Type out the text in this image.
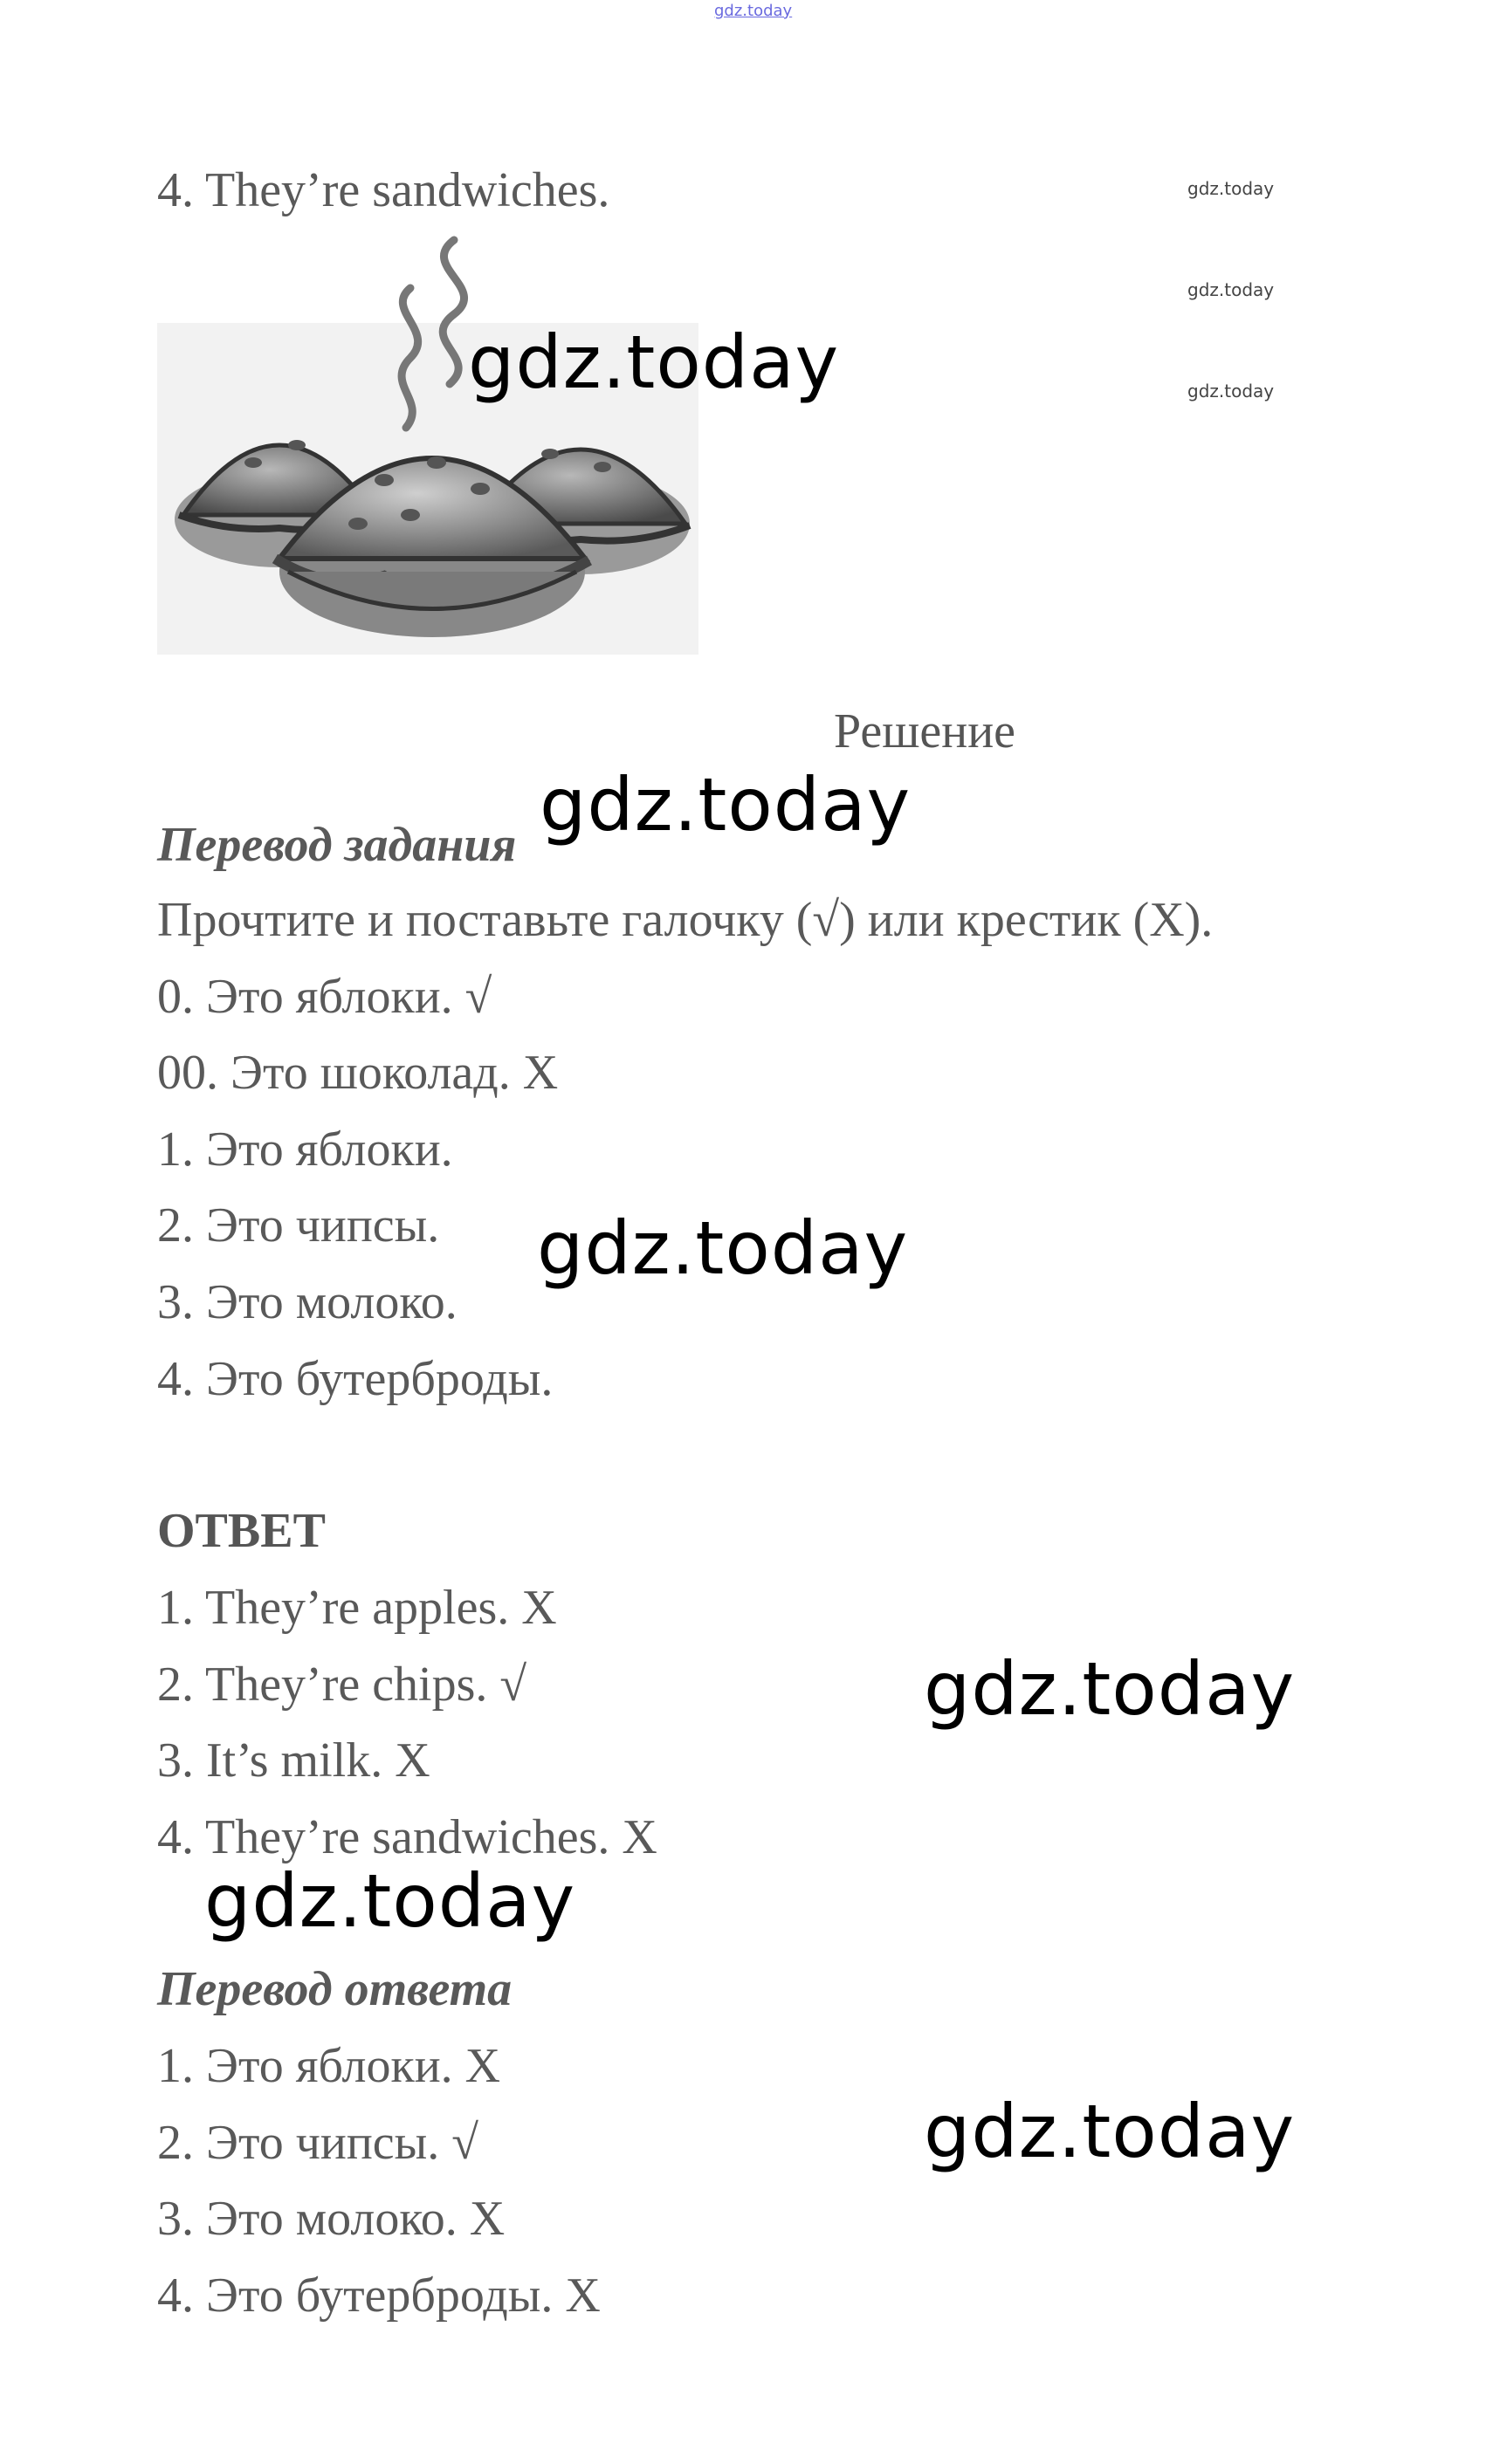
gdz.today
4. They’re sandwiches.	gdz.today
gdz.today
gdz.today
gdz.today
Решение
Перевод задания gdz.today
Прочтите и поставьте галочку (√) или крестик (X).
0. Это яблоки. √
00. Это шоколад. X
1. Это яблоки.
2. Это чипсы. gdz.today
3. Это молоко.
4. Это бутерброды.
ОТВЕТ
1. They’re apples. X
2. They’re chips. √	gdz.today
3. It’s milk. X
4. They’re sandwiches. X
gdz.today
Перевод ответа
1. Это яблоки. X
2. Это чипсы. √	gdz.today
3. Это молоко. X
4. Это бутерброды. X
